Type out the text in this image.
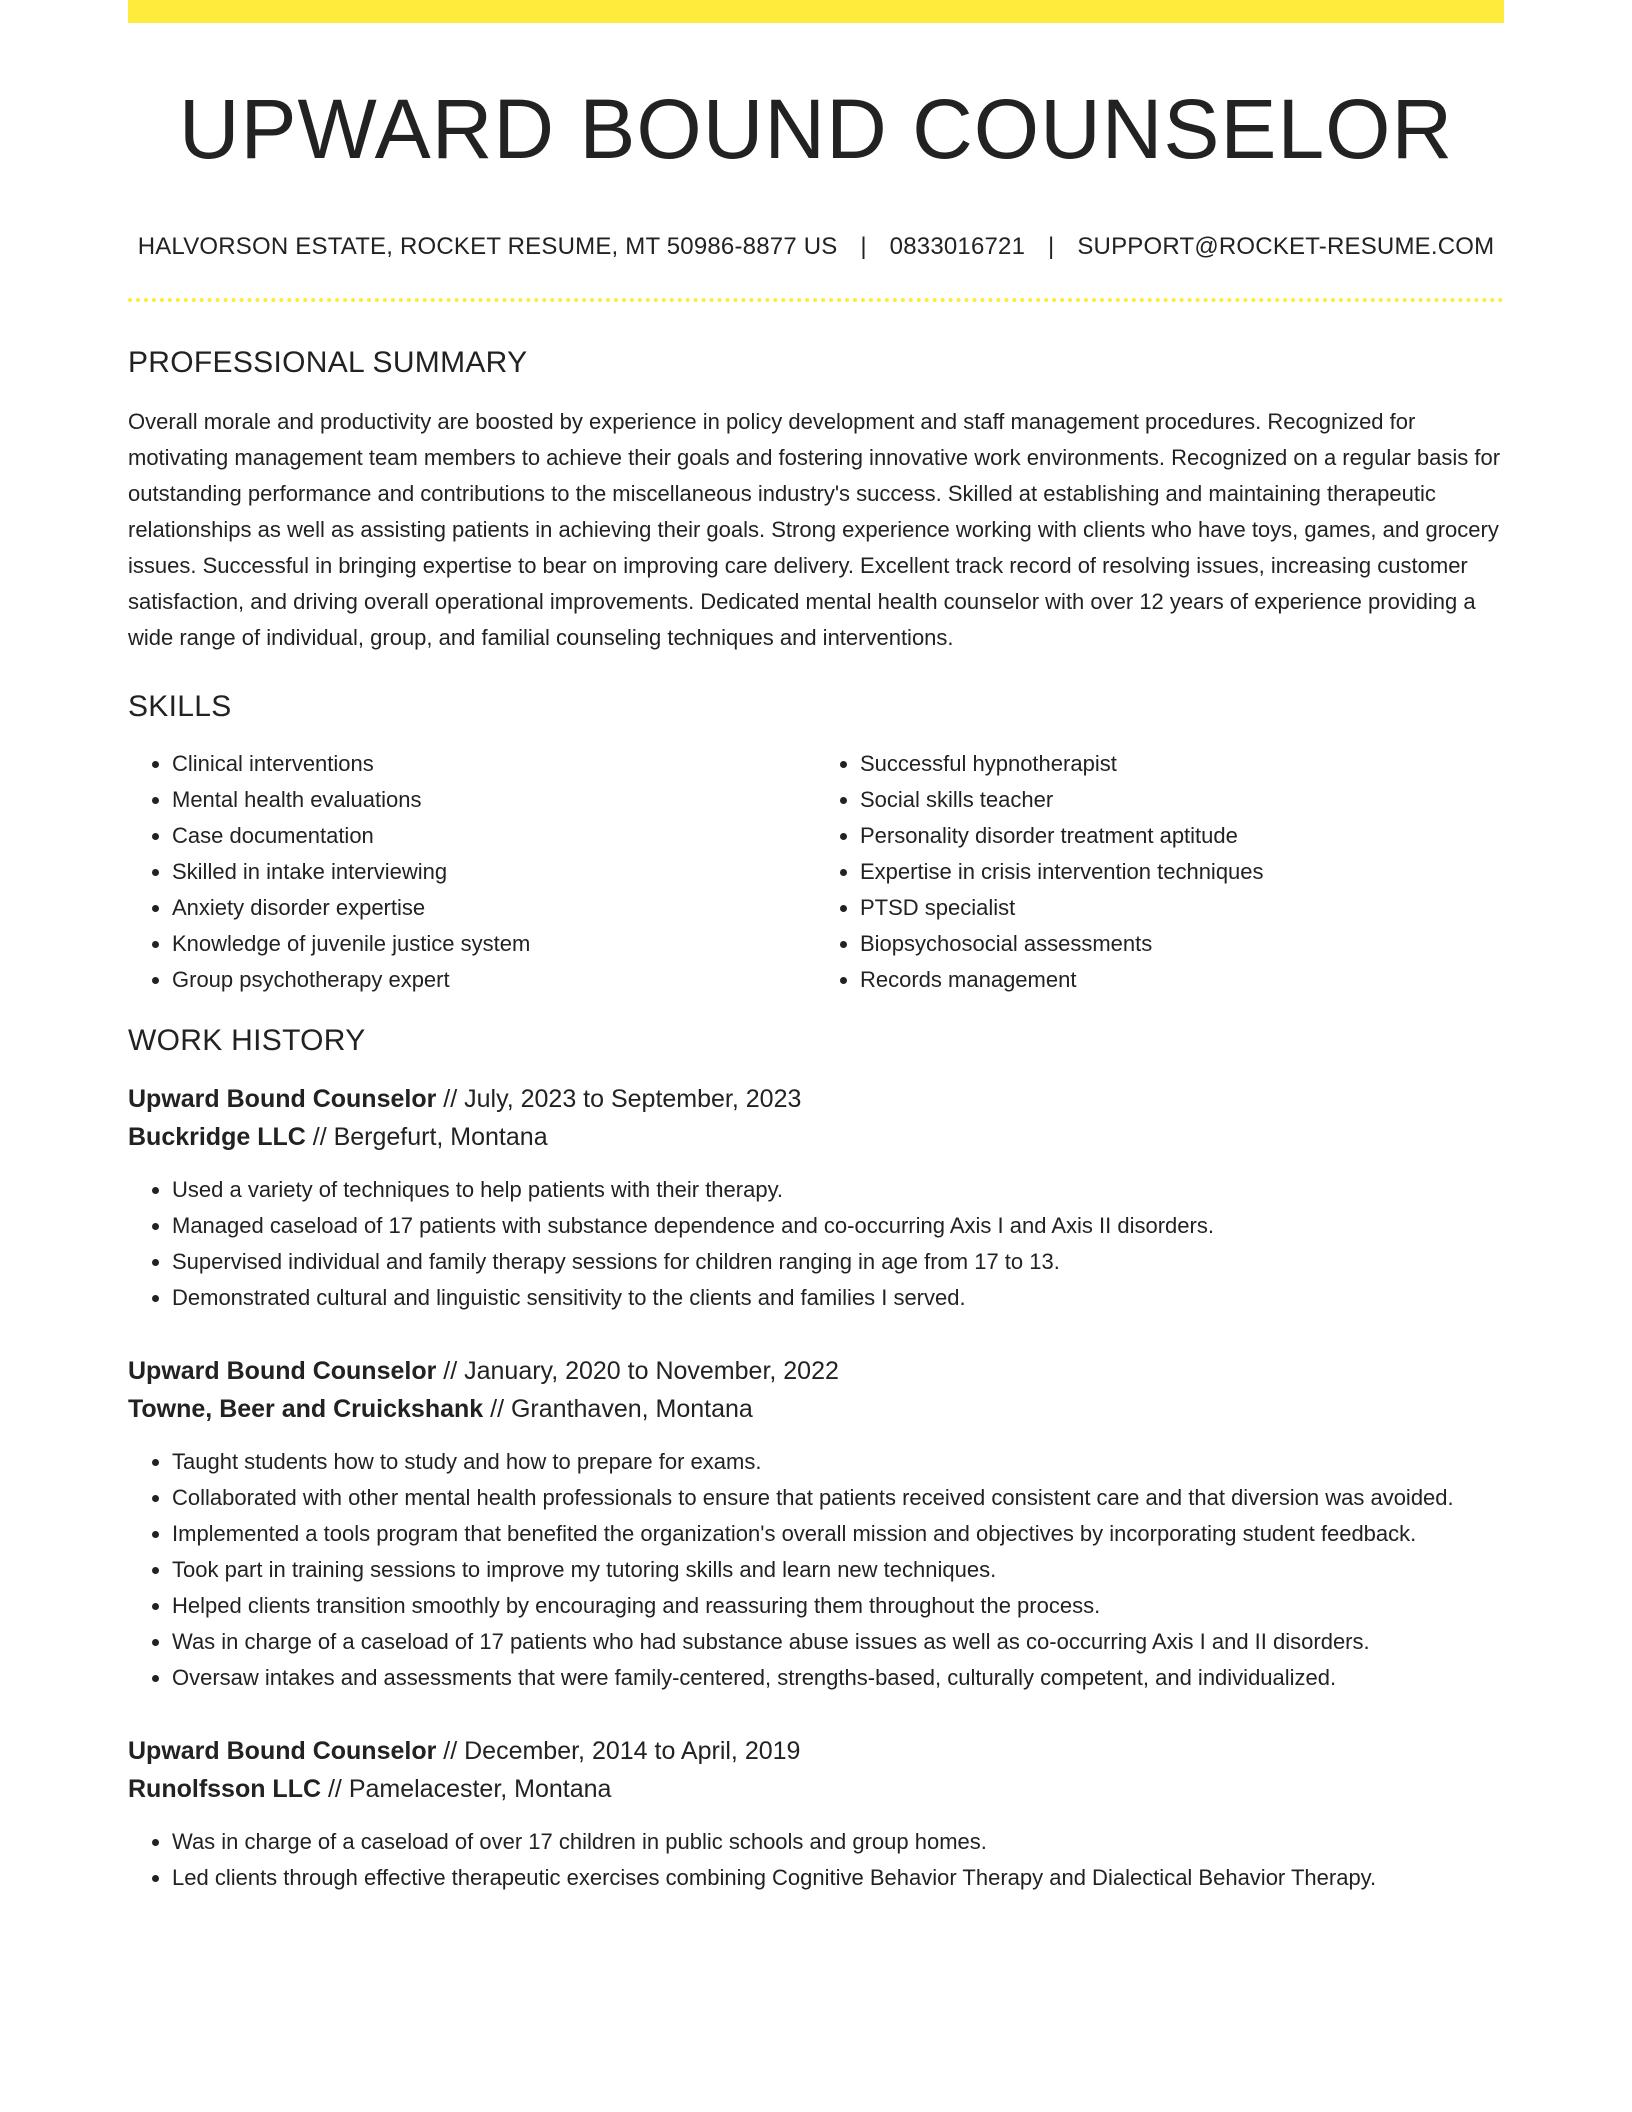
UPWARD BOUND COUNSELOR
HALVORSON ESTATE, ROCKET RESUME, MT 50986-8877 US | 0833016721 | SUPPORT@ROCKET-RESUME.COM
PROFESSIONAL SUMMARY

Overall morale and productivity are boosted by experience in policy development and staff management procedures. Recognized for motivating management team members to achieve their goals and fostering innovative work environments. Recognized on a regular basis for outstanding performance and contributions to the miscellaneous industry's success. Skilled at establishing and maintaining therapeutic relationships as well as assisting patients in achieving their goals. Strong experience working with clients who have toys, games, and grocery issues. Successful in bringing expertise to bear on improving care delivery. Excellent track record of resolving issues, increasing customer satisfaction, and driving overall operational improvements. Dedicated mental health counselor with over 12 years of experience providing a wide range of individual, group, and familial counseling techniques and interventions.

SKILLS
• Clinical interventions
• Mental health evaluations
• Case documentation
• Skilled in intake interviewing
• Anxiety disorder expertise
• Knowledge of juvenile justice system
• Group psychotherapy expert
• Successful hypnotherapist
• Social skills teacher
• Personality disorder treatment aptitude
• Expertise in crisis intervention techniques
• PTSD specialist
• Biopsychosocial assessments
• Records management
WORK HISTORY
Upward Bound Counselor // July, 2023 to September, 2023
Buckridge LLC // Bergefurt, Montana
• Used a variety of techniques to help patients with their therapy.
• Managed caseload of 17 patients with substance dependence and co-occurring Axis I and Axis II disorders.
• Supervised individual and family therapy sessions for children ranging in age from 17 to 13.
• Demonstrated cultural and linguistic sensitivity to the clients and families I served.
Upward Bound Counselor // January, 2020 to November, 2022
Towne, Beer and Cruickshank // Granthaven, Montana
• Taught students how to study and how to prepare for exams.
• Collaborated with other mental health professionals to ensure that patients received consistent care and that diversion was avoided.
• Implemented a tools program that benefited the organization's overall mission and objectives by incorporating student feedback.
• Took part in training sessions to improve my tutoring skills and learn new techniques.
• Helped clients transition smoothly by encouraging and reassuring them throughout the process.
• Was in charge of a caseload of 17 patients who had substance abuse issues as well as co-occurring Axis I and II disorders.
• Oversaw intakes and assessments that were family-centered, strengths-based, culturally competent, and individualized.
Upward Bound Counselor // December, 2014 to April, 2019
Runolfsson LLC // Pamelacester, Montana
• Was in charge of a caseload of over 17 children in public schools and group homes.
• Led clients through effective therapeutic exercises combining Cognitive Behavior Therapy and Dialectical Behavior Therapy.
